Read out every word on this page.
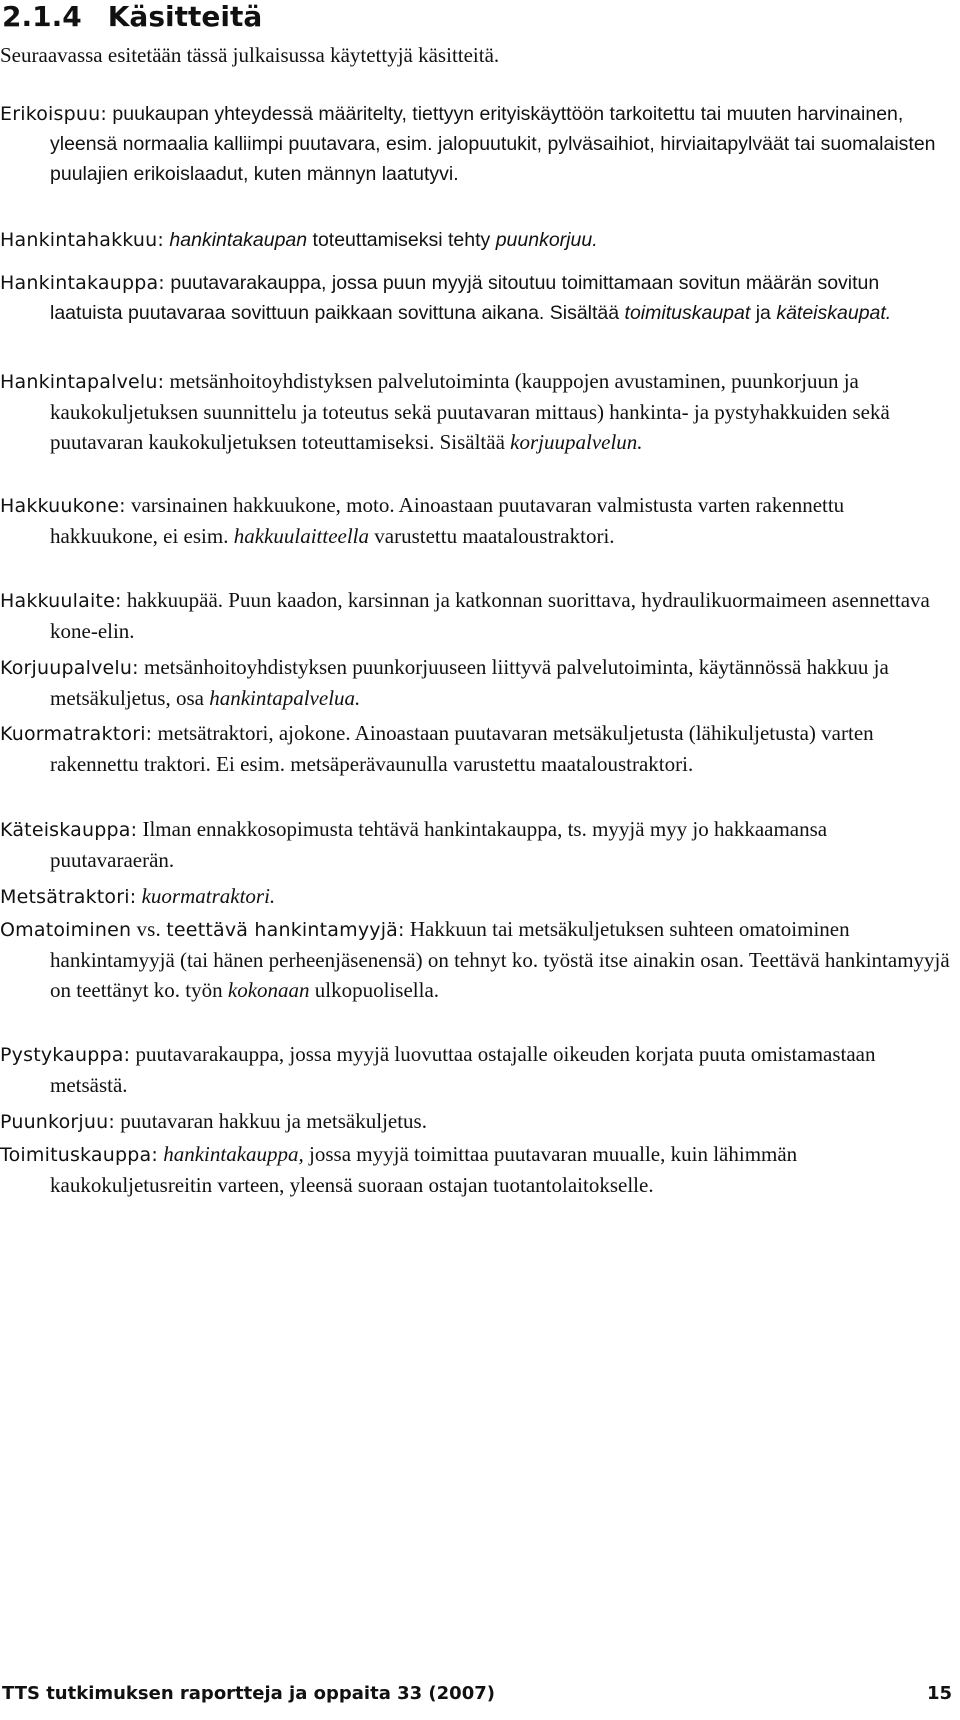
2.1.4 Käsitteitä

Seuraavassa esitetään tässä julkaisussa käytettyjä käsitteitä.

Erikoispuu: puukaupan yhteydessä määritelty, tiettyyn erityiskäyttöön tarkoitettu tai muuten harvinainen, yleensä normaalia kalliimpi puutavara, esim. jalopuutukit, pylväsaihiot, hirviaitapylväät tai suomalaisten puulajien erikoislaadut, kuten männyn laatutyvi.

Hankintahakkuu: hankintakaupan toteuttamiseksi tehty puunkorjuu.

Hankintakauppa: puutavarakauppa, jossa puun myyjä sitoutuu toimittamaan sovitun määrän sovitun laatuista puutavaraa sovittuun paikkaan sovittuna aikana. Sisältää toimituskaupat ja käteiskaupat.

Hankintapalvelu: metsänhoitoyhdistyksen palvelutoiminta (kauppojen avustaminen, puunkorjuun ja kaukokuljetuksen suunnittelu ja toteutus sekä puutavaran mittaus) hankinta- ja pystyhakkuiden sekä puutavaran kaukokuljetuksen toteuttamiseksi. Sisältää korjuupalvelun.

Hakkuukone: varsinainen hakkuukone, moto. Ainoastaan puutavaran valmistusta varten rakennettu hakkuukone, ei esim. hakkuulaitteella varustettu maataloustraktori.

Hakkuulaite: hakkuupää. Puun kaadon, karsinnan ja katkonnan suorittava, hydraulikuormaimeen asennettava kone-elin.

Korjuupalvelu: metsänhoitoyhdistyksen puunkorjuuseen liittyvä palvelutoiminta, käytännössä hakkuu ja metsäkuljetus, osa hankintapalvelua.

Kuormatraktori: metsätraktori, ajokone. Ainoastaan puutavaran metsäkuljetusta (lähikuljetusta) varten rakennettu traktori. Ei esim. metsäperävaunulla varustettu maataloustraktori.

Käteiskauppa: Ilman ennakkosopimusta tehtävä hankintakauppa, ts. myyjä myy jo hakkaamansa puutavaraerän.

Metsätraktori: kuormatraktori.

Omatoiminen vs. teettävä hankintamyyjä: Hakkuun tai metsäkuljetuksen suhteen omatoiminen hankintamyyjä (tai hänen perheenjäsenensä) on tehnyt ko. työstä itse ainakin osan. Teettävä hankintamyyjä on teettänyt ko. työn kokonaan ulkopuolisella.

Pystykauppa: puutavarakauppa, jossa myyjä luovuttaa ostajalle oikeuden korjata puuta omistamastaan metsästä.

Puunkorjuu: puutavaran hakkuu ja metsäkuljetus.

Toimituskauppa: hankintakauppa, jossa myyjä toimittaa puutavaran muualle, kuin lähimmän kaukokuljetusreitin varteen, yleensä suoraan ostajan tuotantolaitokselle.

TTS tutkimuksen raportteja ja oppaita 33 (2007)	15
